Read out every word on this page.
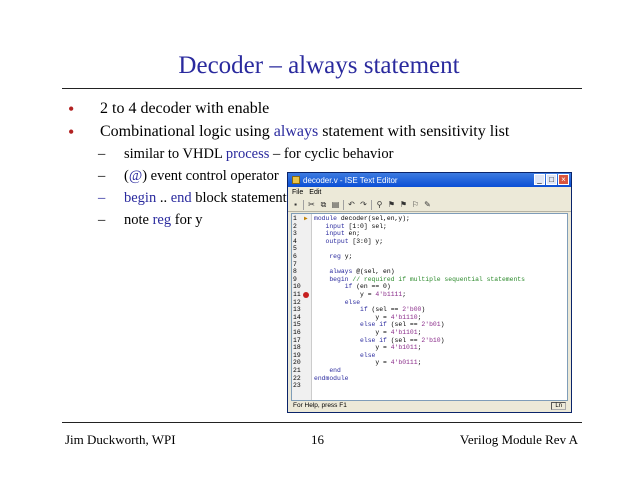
Decoder – always statement
• 2 to 4 decoder with enable
• Combinational logic using always statement with sensitivity list
– similar to VHDL process – for cyclic behavior
– (@) event control operator
– begin .. end block statement
– note reg for y
decoder.v - ISE Text Editor	_ □ ×
File Edit
▪	✂ ⧉ ▤ ↶ ↷ ⚲ ⚑ ⚑ ⚐ ✎
1 ▶ module decoder(sel,en,y);
2	input [1:0] sel;
3	input en;
4	output [3:0] y;
5
6	reg y;
7
8	always @(sel, en)
9	begin // required if multiple sequential statements
10	if (en == 0)
11 y = 4'b1111;
12	else
13	if (sel == 2'b00)
14 y = 4'b1110;
15	else if (sel == 2'b01)
16 y = 4'b1101;
17	else if (sel == 2'b10)
18 y = 4'b1011;
19	else
20 y = 4'b0111;
21	end
22 endmodule
23
For Help, press F1	Ln
Jim Duckworth, WPI	16	Verilog Module Rev A
